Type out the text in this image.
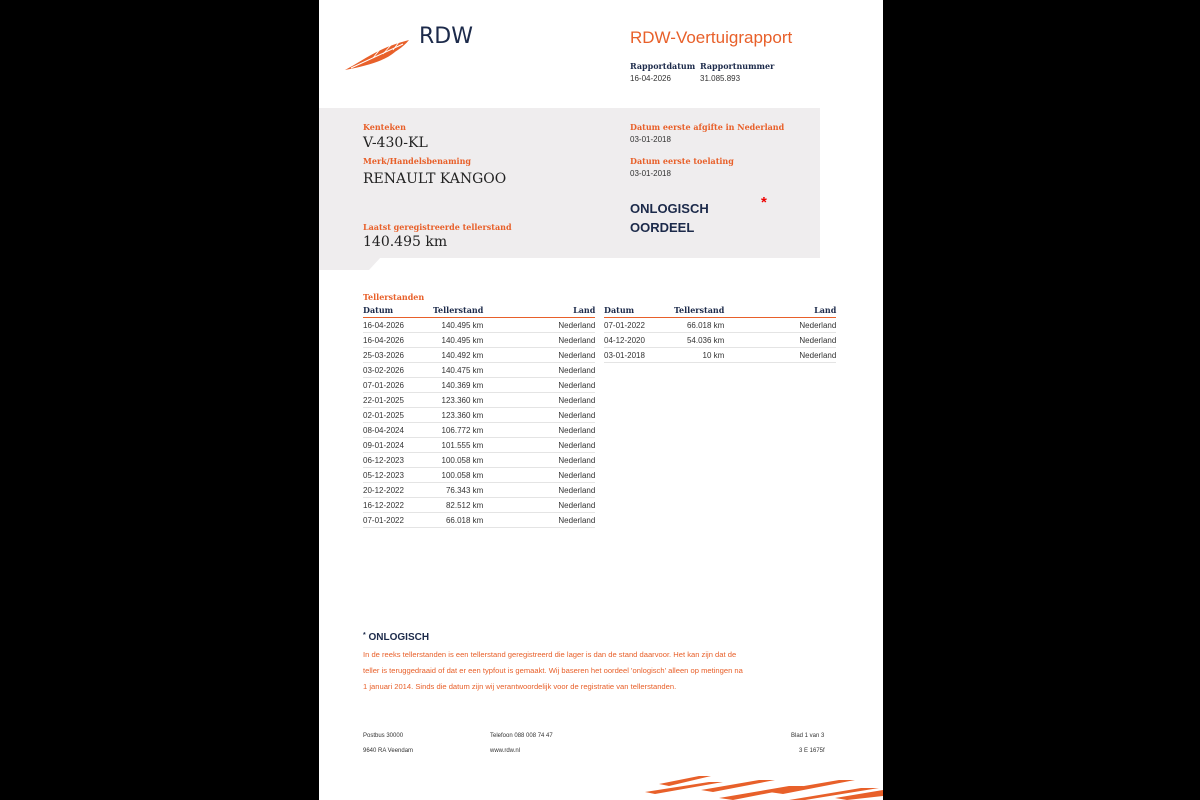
RDW	RDW-Voertuigrapport
Rapportdatum
16-04-2026
Rapportnummer
31.085.893
Kenteken
V-430-KL
Merk/Handelsbenaming
RENAULT KANGOO
Laatst geregistreerde tellerstand
140.495 km
Datum eerste afgifte in Nederland
03-01-2018
Datum eerste toelating
03-01-2018
ONLOGISCH
OORDEEL
*
Tellerstanden
Datum	Tellerstand	Land
16-04-2026	140.495 km	Nederland
16-04-2026	140.495 km	Nederland
25-03-2026	140.492 km	Nederland
03-02-2026	140.475 km	Nederland
07-01-2026	140.369 km	Nederland
22-01-2025	123.360 km	Nederland
02-01-2025	123.360 km	Nederland
08-04-2024	106.772 km	Nederland
09-01-2024	101.555 km	Nederland
06-12-2023	100.058 km	Nederland
05-12-2023	100.058 km	Nederland
20-12-2022	76.343 km	Nederland
16-12-2022	82.512 km	Nederland
07-01-2022	66.018 km	Nederland
Datum	Tellerstand	Land
07-01-2022	66.018 km	Nederland
04-12-2020	54.036 km	Nederland
03-01-2018	10 km	Nederland
* ONLOGISCH
In de reeks tellerstanden is een tellerstand geregistreerd die lager is dan de stand daarvoor. Het kan zijn dat de
teller is teruggedraaid of dat er een typfout is gemaakt. Wij baseren het oordeel 'onlogisch' alleen op metingen na
1 januari 2014. Sinds die datum zijn wij verantwoordelijk voor de registratie van tellerstanden.
Postbus 30000
9640 RA Veendam
Telefoon 088 008 74 47
www.rdw.nl
Blad 1 van 3
3 E 1675f
